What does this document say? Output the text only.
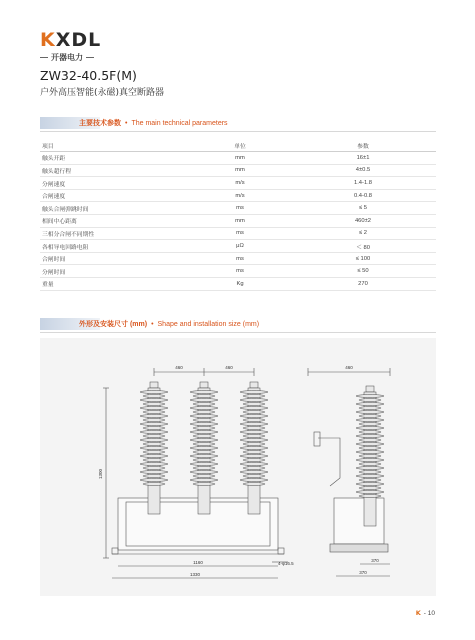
KXDL
开器电力
ZW32-40.5F(M)
户外高压智能(永磁)真空断路器
主要技术参数 • The main technical parameters
项目	单位	参数
触头开距	mm	16±1
触头超行程	mm	4±0.5
分闸速度	m/s	1.4-1.8
合闸速度	m/s	0.4-0.8
触头合闸弹跳时间	ms	≤ 5
相间中心距离	mm	460±2
三相分合闸不同期性	ms	≤ 2
各相导电回路电阻	μΩ	＜ 80
合闸时间	ms	≤ 100
分闸时间	ms	≤ 50
重量	Kg	270
外形及安装尺寸 (mm) • Shape and installation size (mm)
460	460	460
1300
1160
1330
4-φ16.5
370
370
K - 10
